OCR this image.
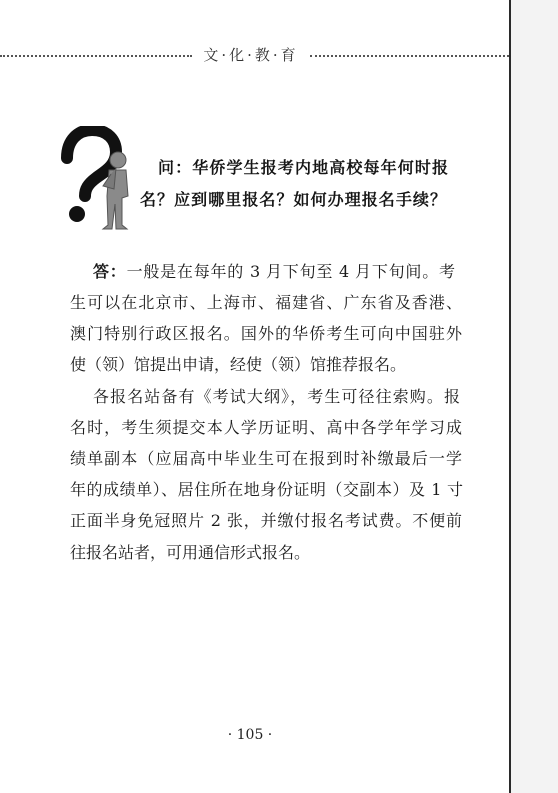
文·化·教·育
问：华侨学生报考内地高校每年何时报
名？应到哪里报名？如何办理报名手续？
答：一般是在每年的 3 月下旬至 4 月下旬间。考
生可以在北京市、上海市、福建省、广东省及香港、
澳门特别行政区报名。国外的华侨考生可向中国驻外
使（领）馆提出申请，经使（领）馆推荐报名。
各报名站备有《考试大纲》，考生可径往索购。报
名时，考生须提交本人学历证明、高中各学年学习成
绩单副本（应届高中毕业生可在报到时补缴最后一学
年的成绩单）、居住所在地身份证明（交副本）及 1 寸
正面半身免冠照片 2 张，并缴付报名考试费。不便前
往报名站者，可用通信形式报名。
· 105 ·
